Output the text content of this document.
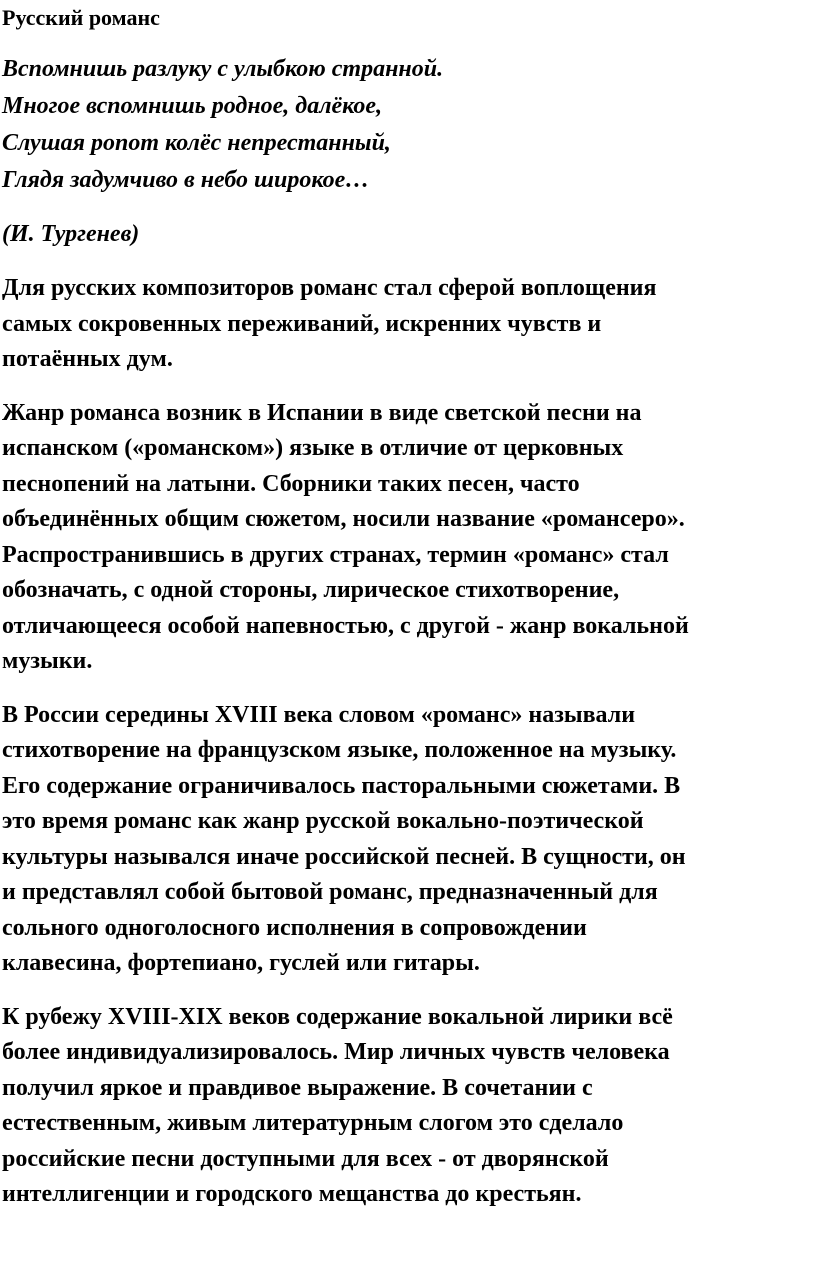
Русский романс
Вспомнишь разлуку с улыбкою странной.
Многое вспомнишь родное, далёкое,
Слушая ропот колёс непрестанный,
Глядя задумчиво в небо широкое…

(И. Тургенев)

Для русских композиторов романс стал сферой воплощения
самых сокровенных переживаний, искренних чувств и
потаённых дум.

Жанр романса возник в Испании в виде светской песни на
испанском («романском») языке в отличие от церковных
песнопений на латыни. Сборники таких песен, часто
объединённых общим сюжетом, носили название «романсеро».
Распространившись в других странах, термин «романс» стал
обозначать, с одной стороны, лирическое стихотворение,
отличающееся особой напевностью, с другой - жанр вокальной
музыки.

В России середины XVIII века словом «романс» называли
стихотворение на французском языке, положенное на музыку.
Его содержание ограничивалось пасторальными сюжетами. В
это время романс как жанр русской вокально-поэтической
культуры назывался иначе российской песней. В сущности, он
и представлял собой бытовой романс, предназначенный для
сольного одноголосного исполнения в сопровождении
клавесина, фортепиано, гуслей или гитары.

К рубежу XVIII-XIX веков содержание вокальной лирики всё
более индивидуализировалось. Мир личных чувств человека
получил яркое и правдивое выражение. В сочетании с
естественным, живым литературным слогом это сделало
российские песни доступными для всех - от дворянской
интеллигенции и городского мещанства до крестьян.
